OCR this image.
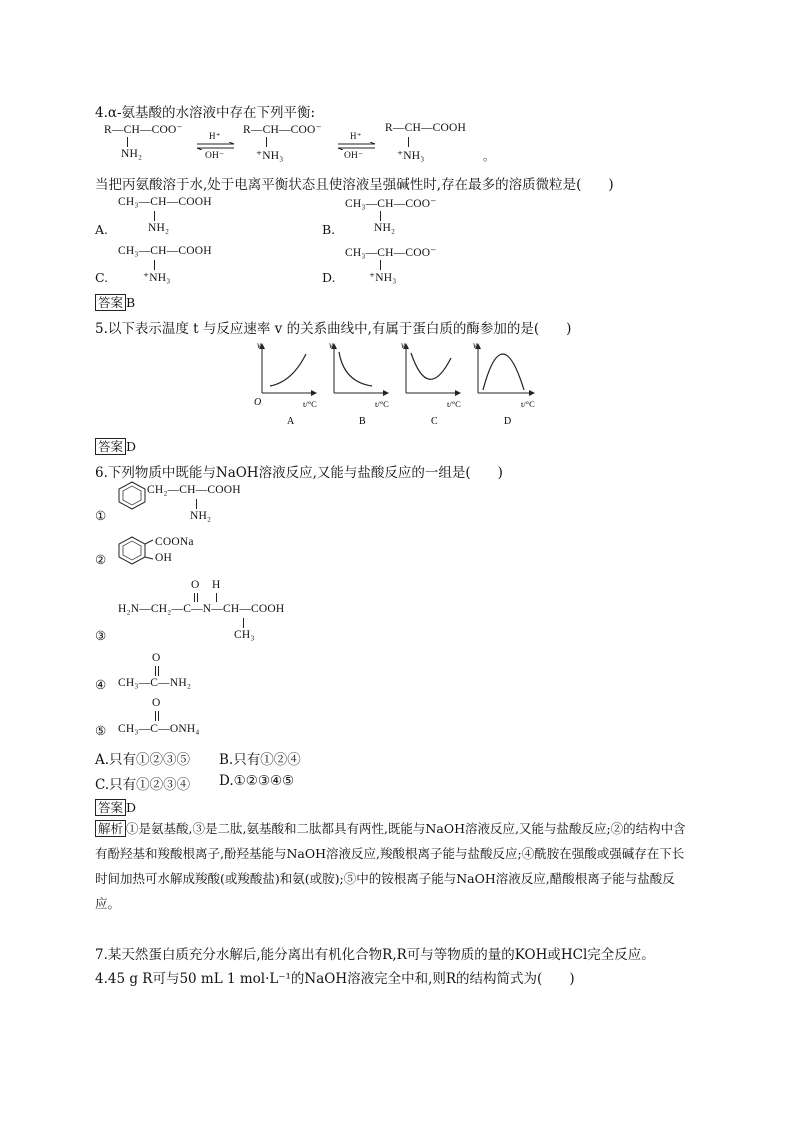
4.α-氨基酸的水溶液中存在下列平衡:
R—CH—COO⁻
NH₂
H⁺
OH⁻
R—CH—COO⁻
⁺NH₃
H⁺
OH⁻
R—CH—COOH
⁺NH₃	。
当把丙氨酸溶于水,处于电离平衡状态且使溶液呈强碱性时,存在最多的溶质微粒是(　　)
CH₃—CH—COOH
A.	NH₂
CH₃—CH—COO⁻
B.	NH₂
CH₃—CH—COOH
C.	⁺NH₃
CH₃—CH—COO⁻
D.	⁺NH₃
答案 B
5.以下表示温度 t 与反应速率 v 的关系曲线中,有属于蛋白质的酶参加的是(　　)
v
O	t/°C
A
v
t/°C
B
v
t/°C
C
v
t/°C
D
答案 D
6.下列物质中既能与NaOH溶液反应,又能与盐酸反应的一组是(　　)
CH₂—CH—COOH
①	NH₂
COONa
OH
②
O H
H₂N—CH₂—C—N—CH—COOH
③	CH₃
O
④ CH₃—C—NH₂
O
⑤ CH₃—C—ONH₄
A.只有①②③⑤ B.只有①②④
C.只有①②③④ D.①②③④⑤
答案 D
解析 ①是氨基酸,③是二肽,氨基酸和二肽都具有两性,既能与NaOH溶液反应,又能与盐酸反应;②的结构中含有酚羟基和羧酸根离子,酚羟基能与NaOH溶液反应,羧酸根离子能与盐酸反应;④酰胺在强酸或强碱存在下长时间加热可水解成羧酸(或羧酸盐)和氨(或胺);⑤中的铵根离子能与NaOH溶液反应,醋酸根离子能与盐酸反应。
7.某天然蛋白质充分水解后,能分离出有机化合物R,R可与等物质的量的KOH或HCl完全反应。
4.45 g R可与50 mL 1 mol·L⁻¹的NaOH溶液完全中和,则R的结构简式为(　　)
